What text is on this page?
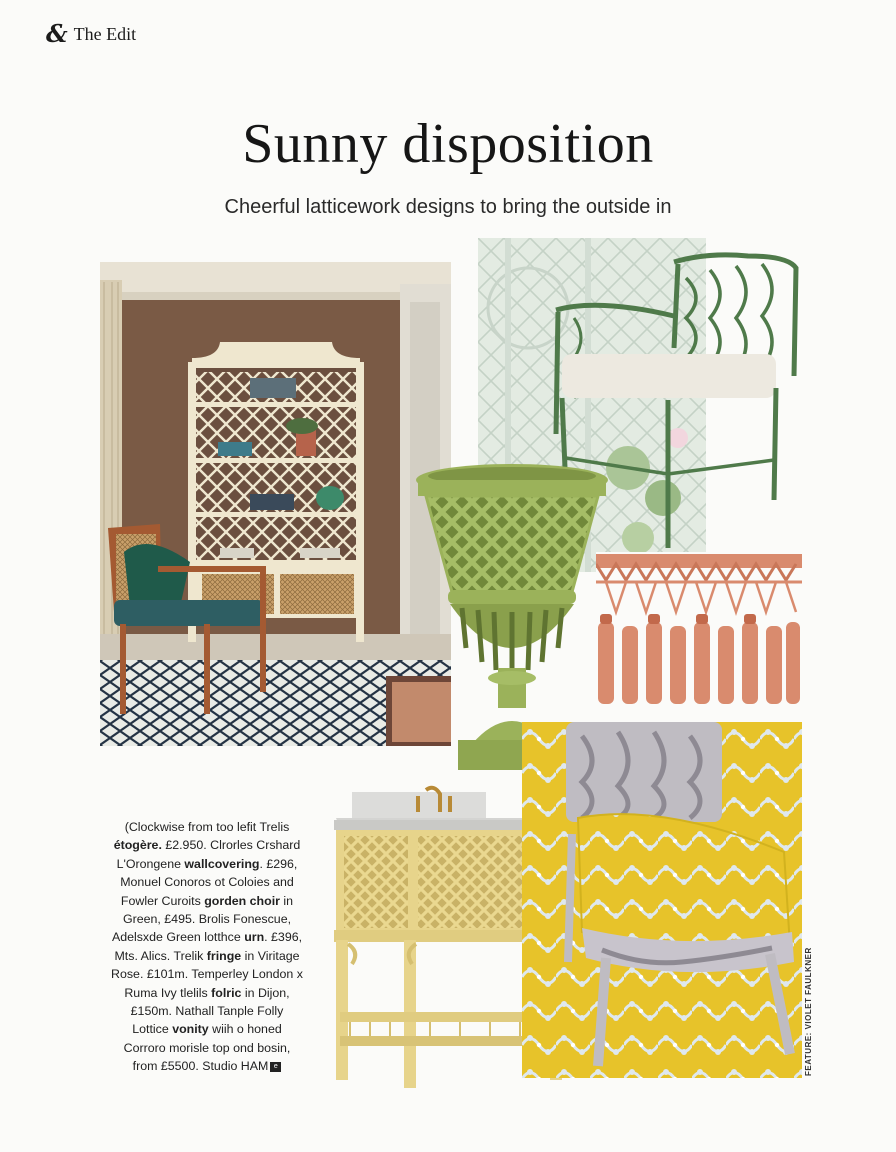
& The Edit
Sunny disposition
Cheerful latticework designs to bring the outside in
(Clockwise from too lefit Trelis
étogère. £2.950. Clrorles Crshard
L'Orongene wallcovering. £296,
Monuel Conoros ot Coloies and
Fowler Curoits gorden choir in
Green, £495. Brolis Fonescue,
Adelsxde Green lotthce urn. £396,
Mts. Alics. Trelik fringe in Viritage
Rose. £101m. Temperley London x
Ruma Ivy tlelils folric in Dijon,
£150m. Nathall Tanple Folly
Lottice vonity wiih o honed
Corroro morisle top ond bosin,
from £5500. Studio HAM e	FEATURE: VIOLET FAULKNER
